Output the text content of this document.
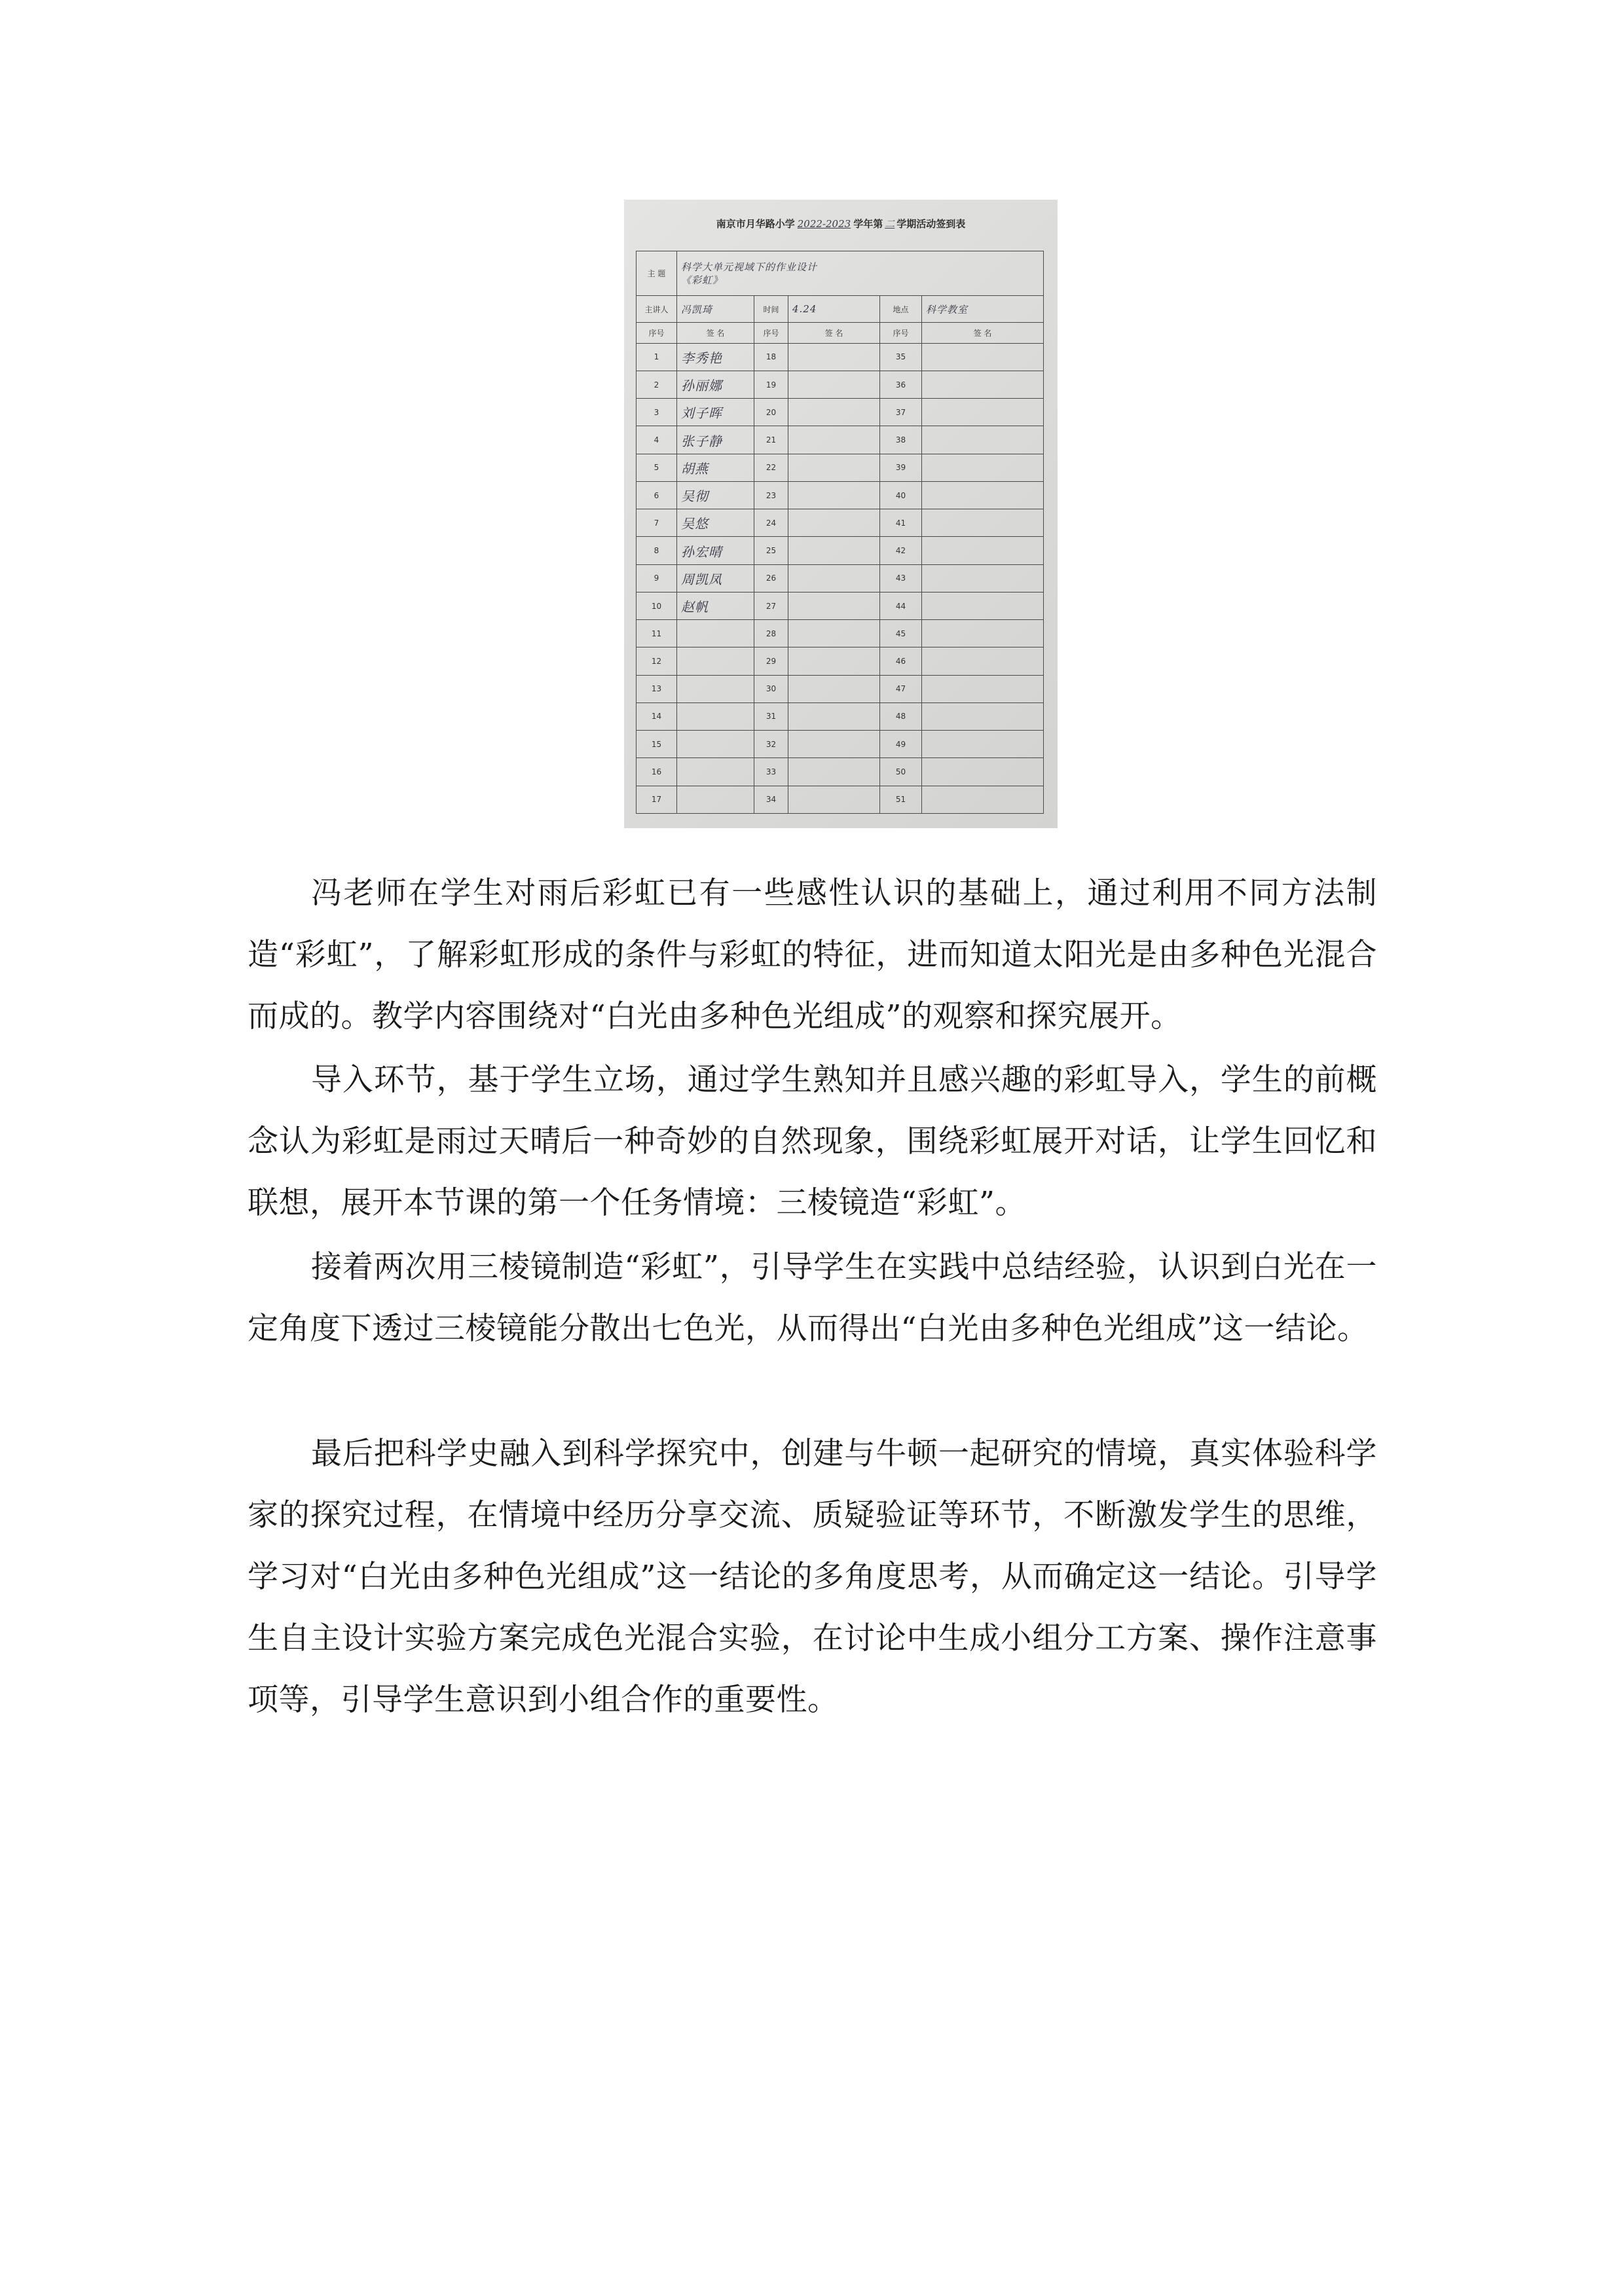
南京市月华路小学 2022-2023 学年第 二 学期活动签到表
主 题	科学大单元视域下的作业设计
《彩虹》				

主讲人	冯凯琦	时间	4.24	地点	科学教室
序号	签 名	序号	签 名	序号	签 名
1	李秀艳	18		35	
2	孙丽娜	19		36	
3	刘子晖	20		37	
4	张子静	21		38	
5	胡燕	22		39	
6	吴彻	23		40	
7	吴悠	24		41	
8	孙宏晴	25		42	
9	周凯凤	26		43	
10	赵帆	27		44	
11		28		45	
12		29		46	
13		30		47	
14		31		48	
15		32		49	
16		33		50	
17		34		51	

冯老师在学生对雨后彩虹已有一些感性认识的基础上，通过利用不同方法制造“彩虹”，了解彩虹形成的条件与彩虹的特征，进而知道太阳光是由多种色光混合而成的。教学内容围绕对“白光由多种色光组成”的观察和探究展开。

导入环节，基于学生立场，通过学生熟知并且感兴趣的彩虹导入，学生的前概念认为彩虹是雨过天晴后一种奇妙的自然现象，围绕彩虹展开对话，让学生回忆和联想，展开本节课的第一个任务情境：三棱镜造“彩虹”。

接着两次用三棱镜制造“彩虹”，引导学生在实践中总结经验，认识到白光在一定角度下透过三棱镜能分散出七色光，从而得出“白光由多种色光组成”这一结论。

最后把科学史融入到科学探究中，创建与牛顿一起研究的情境，真实体验科学家的探究过程，在情境中经历分享交流、质疑验证等环节，不断激发学生的思维，学习对“白光由多种色光组成”这一结论的多角度思考，从而确定这一结论。引导学生自主设计实验方案完成色光混合实验，在讨论中生成小组分工方案、操作注意事项等，引导学生意识到小组合作的重要性。
